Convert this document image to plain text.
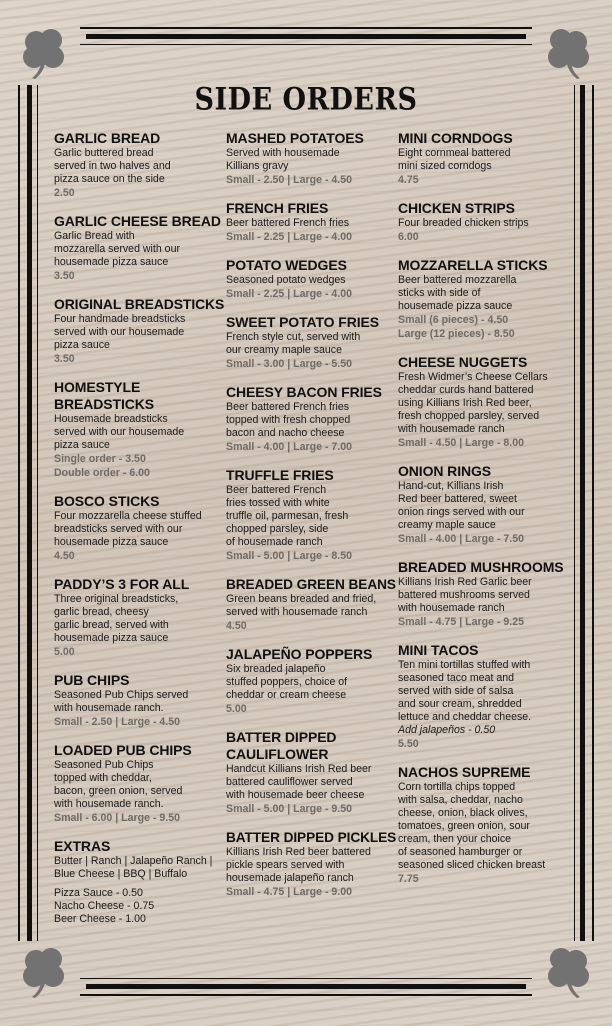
SIDE ORDERS
GARLIC BREAD
Garlic buttered bread
served in two halves and
pizza sauce on the side
2.50
GARLIC CHEESE BREAD
Garlic Bread with
mozzarella served with our
housemade pizza sauce
3.50
ORIGINAL BREADSTICKS
Four handmade breadsticks
served with our housemade
pizza sauce
3.50
HOMESTYLE
BREADSTICKS
Housemade breadsticks
served with our housemade
pizza sauce
Single order - 3.50
Double order - 6.00
BOSCO STICKS
Four mozzarella cheese stuffed
breadsticks served with our
housemade pizza sauce
4.50
PADDY’S 3 FOR ALL
Three original breadsticks,
garlic bread, cheesy
garlic bread, served with
housemade pizza sauce
5.00
PUB CHIPS
Seasoned Pub Chips served
with housemade ranch.
Small - 2.50 | Large - 4.50
LOADED PUB CHIPS
Seasoned Pub Chips
topped with cheddar,
bacon, green onion, served
with housemade ranch.
Small - 6.00 | Large - 9.50
EXTRAS
Butter | Ranch | Jalapeño Ranch |
Blue Cheese | BBQ | Buffalo
Pizza Sauce - 0.50
Nacho Cheese - 0.75
Beer Cheese - 1.00
MASHED POTATOES
Served with housemade
Killians gravy
Small - 2.50 | Large - 4.50
FRENCH FRIES
Beer battered French fries
Small - 2.25 | Large - 4.00
POTATO WEDGES
Seasoned potato wedges
Small - 2.25 | Large - 4.00
SWEET POTATO FRIES
French style cut, served with
our creamy maple sauce
Small - 3.00 | Large - 5.50
CHEESY BACON FRIES
Beer battered French fries
topped with fresh chopped
bacon and nacho cheese
Small - 4.00 | Large - 7.00
TRUFFLE FRIES
Beer battered French
fries tossed with white
truffle oil, parmesan, fresh
chopped parsley, side
of housemade ranch
Small - 5.00 | Large - 8.50
BREADED GREEN BEANS
Green beans breaded and fried,
served with housemade ranch
4.50
JALAPEÑO POPPERS
Six breaded jalapeño
stuffed poppers, choice of
cheddar or cream cheese
5.00
BATTER DIPPED
CAULIFLOWER
Handcut Killians Irish Red beer
battered cauliflower served
with housemade beer cheese
Small - 5.00 | Large - 9.50
BATTER DIPPED PICKLES
Killians Irish Red beer battered
pickle spears served with
housemade jalapeño ranch
Small - 4.75 | Large - 9.00
MINI CORNDOGS
Eight cornmeal battered
mini sized corndogs
4.75
CHICKEN STRIPS
Four breaded chicken strips
6.00
MOZZARELLA STICKS
Beer battered mozzarella
sticks with side of
housemade pizza sauce
Small (6 pieces) - 4.50
Large (12 pieces) - 8.50
CHEESE NUGGETS
Fresh Widmer’s Cheese Cellars
cheddar curds hand battered
using Killians Irish Red beer,
fresh chopped parsley, served
with housemade ranch
Small - 4.50 | Large - 8.00
ONION RINGS
Hand-cut, Killians Irish
Red beer battered, sweet
onion rings served with our
creamy maple sauce
Small - 4.00 | Large - 7.50
BREADED MUSHROOMS
Killians Irish Red Garlic beer
battered mushrooms served
with housemade ranch
Small - 4.75 | Large - 9.25
MINI TACOS
Ten mini tortillas stuffed with
seasoned taco meat and
served with side of salsa
and sour cream, shredded
lettuce and cheddar cheese.
Add jalapeños - 0.50
5.50
NACHOS SUPREME
Corn tortilla chips topped
with salsa, cheddar, nacho
cheese, onion, black olives,
tomatoes, green onion, sour
cream, then your choice
of seasoned hamburger or
seasoned sliced chicken breast
7.75
